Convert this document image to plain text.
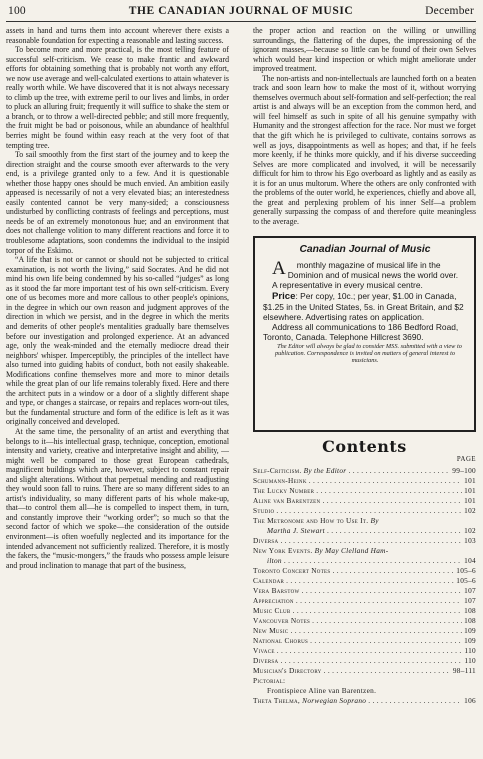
100	THE CANADIAN JOURNAL OF MUSIC	December

assets in hand and turns them into account wherever there exists a reasonable foundation for expecting a reasonable and lasting success.

To become more and more practical, is the most telling feature of successful self-criticism. We cease to make frantic and awkward efforts for obtaining something that is probably not worth any effort, we now use average and well-calculated exertions to attain whatever is really worth while. We have discovered that it is not always necessary to climb up the tree, with extreme peril to our lives and limbs, in order to pluck an alluring fruit; frequently it will suffice to shake the stem or a branch, or to throw a well-directed pebble; and still more frequently, the fruit might be bad or poisonous, while an abundance of healthful berries might be found within easy reach at the very foot of that tempting tree.

To sail smoothly from the first start of the journey and to keep the direction straight and the course smooth ever afterwards to the very end, is a privilege granted only to a few. And it is questionable whether those happy ones should be much envied. An ambition easily appeased is necessarily of not a very elevated bias; an interestedness easily contented cannot be very many-sided; a consciousness undisturbed by conflicting contrasts of feelings and perceptions, must needs be of an extremely monotonous hue; and an environment that does not challenge volition to many different reactions and force it to troublesome adaptations, soon condemns the individual to the insipid torpor of the Eskimo.

“A life that is not or cannot or should not be subjected to critical examination, is not worth the living,” said Socrates. And he did not mind his own life being condemned by his so-called “judges” as long as it stood the far more important test of his own self-criticism. Every one of us becomes more and more callous to other people's opinions, in the degree in which our own reason and judgment approves of the direction in which we persist, and in the degree in which the merits and demerits of other people's mentalities gradually bare themselves before our investigation and prolonged experience. At an advanced age, only the weak-minded and the eternally mediocre dread their neighbors' whisper. Imperceptibly, the principles of the intellect have also turned into guiding habits of conduct, both not easily shakeable. Modifications confine themselves more and more to minor details while the great plan of our life remains tolerably fixed. Here and there the architect puts in a window or a door of a slightly different shape and type, or changes a staircase, or repairs and replaces worn-out tiles, but the fundamental structure and form of the edifice is left as it was originally conceived and developed.

At the same time, the personality of an artist and everything that belongs to it—his intellectual grasp, technique, conception, emotional intensity and variety, creative and interpretative insight and ability, —might well be compared to those great European cathedrals, magnificent buildings which are, however, subject to constant repair and slight alterations. Without that perpetual mending and readjusting they would soon fall to ruins. There are so many different sides to an artist's individuality, so many different parts of his whole make-up, that—to control them all—he is compelled to inspect them, in turn, and constantly improve their “working order”; so much so that the second factor of which we spoke—the consideration of the outside environment—is often woefully neglected and its importance for the intended advancement not sufficiently realized. Therefore, it is mostly the fakers, the “music-mongers,” the frauds who possess ample leisure and proud inclination to manage that part of the business,

the proper action and reaction on the willing or unwilling surroundings, the flattering of the dupes, the impressioning of the ignorant masses,—because so little can be found of their own Selves which would bear kind inspection or which might ameliorate under improved treatment.

The non-artists and non-intellectuals are launched forth on a beaten track and soon learn how to make the most of it, without worrying themselves overmuch about self-formation and self-perfection; the real artist is and always will be an exception from the common herd, and will feel himself as such in spite of all his genuine sympathy with Humanity and the strongest affection for the race. Nor must we forget that the gift which he is privileged to cultivate, contains sorrows as well as joys, disappointments as well as hopes; and that, if he feels more keenly, if he thinks more quickly, and if his diverse succeeding Selves are more complicated and involved, it will be necessarily difficult for him to throw his Ego overboard as lightly and as easily as it is for an unus multorum. Where the others are only confronted with the problems of the outer world, he experiences, chiefly and above all, the great and perplexing problem of his inner Self—a problem generally surpassing the compass of and therefore quite meaningless to the average.

Canadian Journal of Music

A monthly magazine of musical life in the Dominion and of musical news the world over.

A representative in every musical centre.

Price: Per copy, 10c.; per year, $1.00 in Canada, $1.25 in the United States, 5s. in Great Britain, and $2 elsewhere. Advertising rates on application.

Address all communications to 186 Bedford Road, Toronto, Canada. Telephone Hillcrest 3690.

The Editor will always be glad to consider MSS. submitted with a view to publication. Correspondence is invited on matters of general interest to musicians.

Contents
PAGE
Self-Criticism. By the Editor . . .	99–100
Schumann-Heink . . .	101
The Lucky Number . . .	101
Aline van Barentzen . . .	101
Studio . . .	102
The Metronome and How to Use It. By
Martha J. Stewart . . .	102
Diversa . . .	103
New York Events. By May Clelland Ham-
ilton . . .	104
Toronto Concert Notes . . .	105–6
Calendar . . .	105–6
Vera Barstow . . .	107
Appreciation . . .	107
Music Club . . .	108
Vancouver Notes . . .	108
New Music . . .	109
National Chorus . . .	109
Vivace . . .	110
Diversa . . .	110
Musician's Directory . . .	98–111
Pictorial:
Frontispiece Aline van Barentzen.
Theta Thelma, Norwegian Soprano . . .	106
